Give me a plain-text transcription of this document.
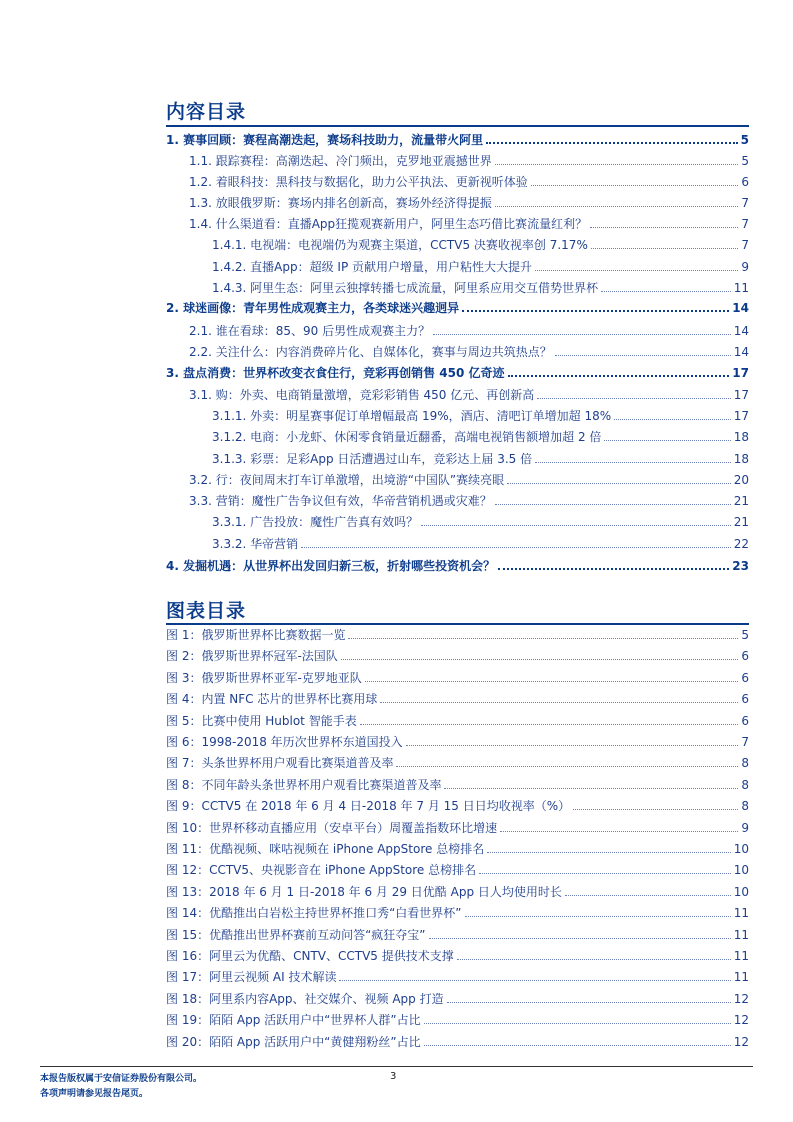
内容目录
1. 赛事回顾：赛程高潮迭起，赛场科技助力，流量带火阿里	5
1.1. 跟踪赛程：高潮迭起、冷门频出，克罗地亚震撼世界	5
1.2. 着眼科技：黑科技与数据化，助力公平执法、更新视听体验	6
1.3. 放眼俄罗斯：赛场内排名创新高，赛场外经济得提振	7
1.4. 什么渠道看：直播App狂揽观赛新用户，阿里生态巧借比赛流量红利？	7
1.4.1. 电视端：电视端仍为观赛主渠道，CCTV5 决赛收视率创 7.17%	7
1.4.2. 直播App：超级 IP 贡献用户增量，用户粘性大大提升	9
1.4.3. 阿里生态：阿里云独撑转播七成流量，阿里系应用交互借势世界杯	11
2. 球迷画像：青年男性成观赛主力，各类球迷兴趣迥异	14
2.1. 谁在看球：85、90 后男性成观赛主力？	14
2.2. 关注什么：内容消费碎片化、自媒体化，赛事与周边共筑热点？	14
3. 盘点消费：世界杯改变衣食住行，竞彩再创销售 450 亿奇迹	17
3.1. 购：外卖、电商销量激增，竞彩彩销售 450 亿元、再创新高	17
3.1.1. 外卖：明星赛事促订单增幅最高 19%，酒店、清吧订单增加超 18%	17
3.1.2. 电商：小龙虾、休闲零食销量近翻番，高端电视销售额增加超 2 倍	18
3.1.3. 彩票：足彩App 日活遭遇过山车，竞彩达上届 3.5 倍	18
3.2. 行：夜间周末打车订单激增，出境游“中国队”赛续亮眼	20
3.3. 营销：魔性广告争议但有效，华帝营销机遇或灾难？	21
3.3.1. 广告投放：魔性广告真有效吗？	21
3.3.2. 华帝营销	22
4. 发掘机遇：从世界杯出发回归新三板，折射哪些投资机会？	23
图表目录
图 1：俄罗斯世界杯比赛数据一览	5
图 2：俄罗斯世界杯冠军-法国队	6
图 3：俄罗斯世界杯亚军-克罗地亚队	6
图 4：内置 NFC 芯片的世界杯比赛用球	6
图 5：比赛中使用 Hublot 智能手表	6
图 6：1998-2018 年历次世界杯东道国投入	7
图 7：头条世界杯用户观看比赛渠道普及率	8
图 8：不同年龄头条世界杯用户观看比赛渠道普及率	8
图 9：CCTV5 在 2018 年 6 月 4 日-2018 年 7 月 15 日日均收视率（%）	8
图 10：世界杯移动直播应用（安卓平台）周覆盖指数环比增速	9
图 11：优酷视频、咪咕视频在 iPhone AppStore 总榜排名	10
图 12：CCTV5、央视影音在 iPhone AppStore 总榜排名	10
图 13：2018 年 6 月 1 日-2018 年 6 月 29 日优酷 App 日人均使用时长	10
图 14：优酷推出白岩松主持世界杯推口秀“白看世界杯”	11
图 15：优酷推出世界杯赛前互动问答“疯狂夺宝”	11
图 16：阿里云为优酷、CNTV、CCTV5 提供技术支撑	11
图 17：阿里云视频 AI 技术解读	11
图 18：阿里系内容App、社交媒介、视频 App 打造	12
图 19：陌陌 App 活跃用户中“世界杯人群”占比	12
图 20：陌陌 App 活跃用户中“黄健翔粉丝”占比	12
本报告版权属于安信证券股份有限公司。
各项声明请参见报告尾页。
3
